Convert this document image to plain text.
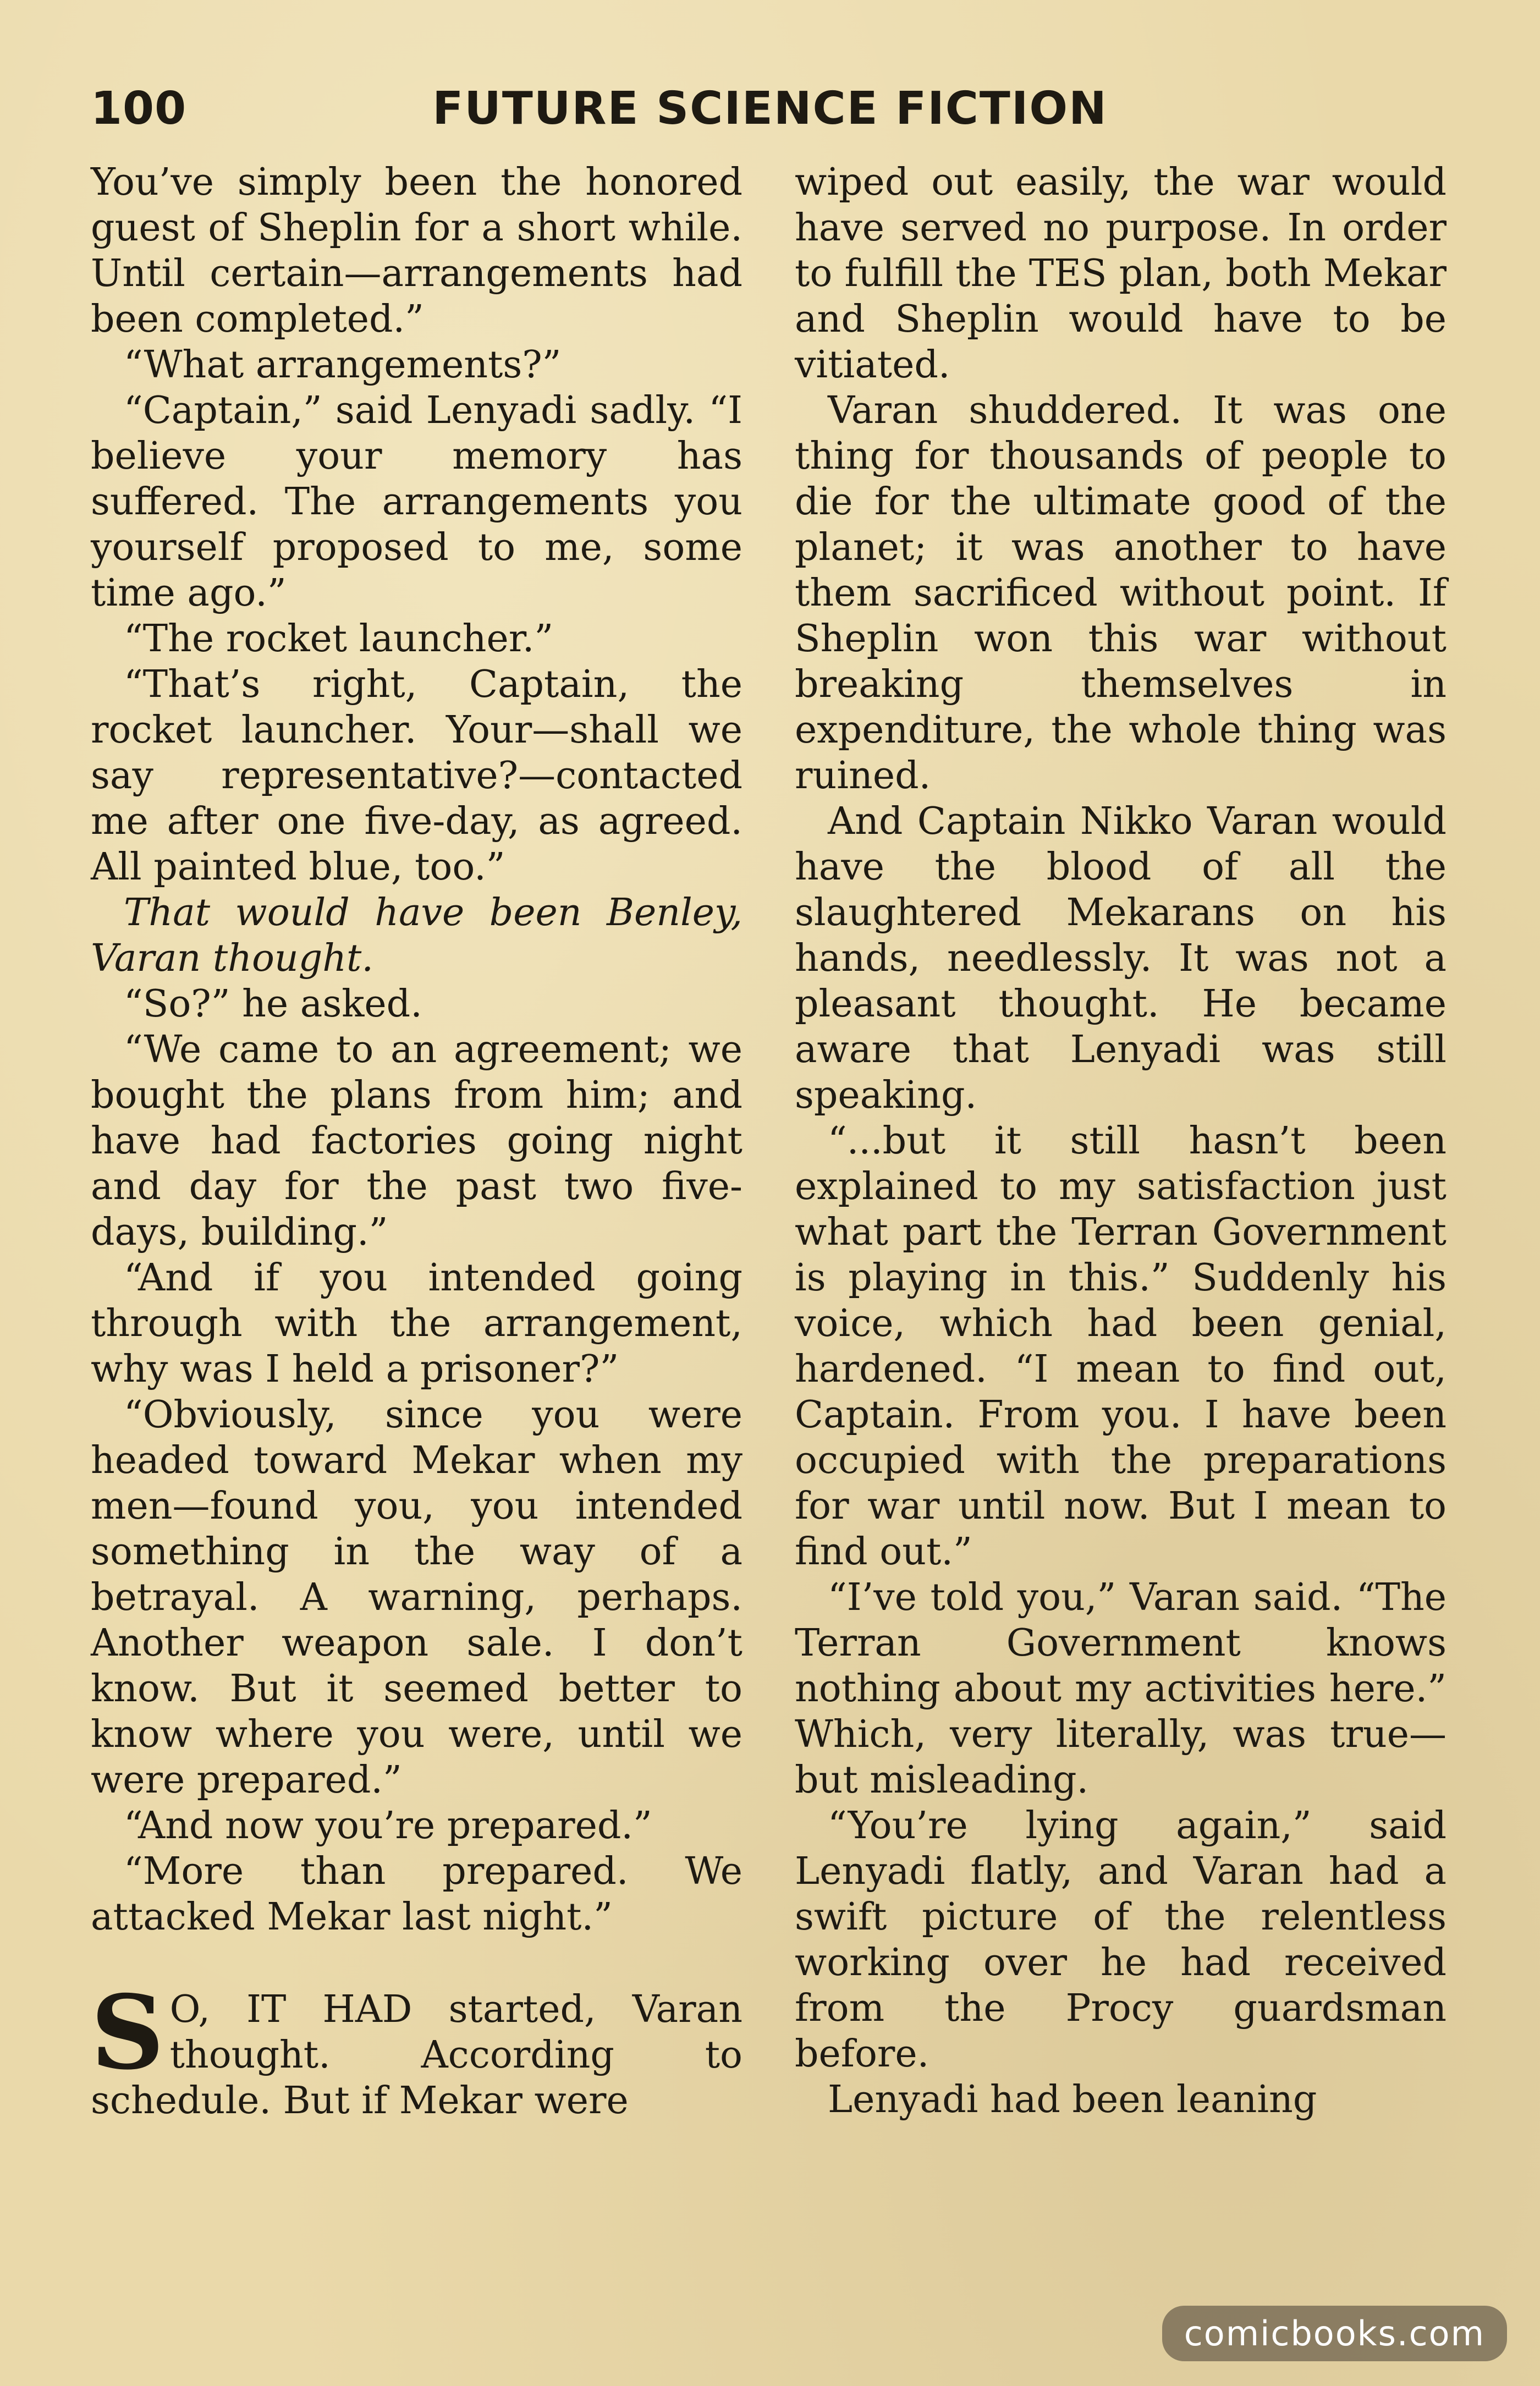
100	FUTURE SCIENCE FICTION

You’ve simply been the honored guest of Sheplin for a short while. Until certain—arrangements had been completed.”

“What arrangements?”

“Captain,” said Lenyadi sadly. “I believe your memory has suffered. The arrangements you yourself proposed to me, some time ago.”

“The rocket launcher.”

“That’s right, Captain, the rocket launcher. Your—shall we say representative?—contacted me after one five-day, as agreed. All painted blue, too.”

That would have been Benley, Varan thought.

“So?” he asked.

“We came to an agreement; we bought the plans from him; and have had factories going night and day for the past two five-days, building.”

“And if you intended going through with the arrangement, why was I held a prisoner?”

“Obviously, since you were headed toward Mekar when my men—found you, you intended something in the way of a betrayal. A warning, perhaps. Another weapon sale. I don’t know. But it seemed better to know where you were, until we were prepared.”

“And now you’re prepared.”

“More than prepared. We attacked Mekar last night.”

S O, IT HAD started, Varan thought. According to schedule. But if Mekar were

wiped out easily, the war would have served no purpose. In order to fulfill the TES plan, both Mekar and Sheplin would have to be vitiated.

Varan shuddered. It was one thing for thousands of people to die for the ultimate good of the planet; it was another to have them sacrificed without point. If Sheplin won this war without breaking themselves in expenditure, the whole thing was ruined.

And Captain Nikko Varan would have the blood of all the slaughtered Mekarans on his hands, needlessly. It was not a pleasant thought. He became aware that Lenyadi was still speaking.

“...but it still hasn’t been explained to my satisfaction just what part the Terran Government is playing in this.” Suddenly his voice, which had been genial, hardened. “I mean to find out, Captain. From you. I have been occupied with the preparations for war until now. But I mean to find out.”

“I’ve told you,” Varan said. “The Terran Government knows nothing about my activities here.” Which, very literally, was true—but misleading.

“You’re lying again,” said Lenyadi flatly, and Varan had a swift picture of the relentless working over he had received from the Procy guardsman before.

Lenyadi had been leaning

comicbooks.com
